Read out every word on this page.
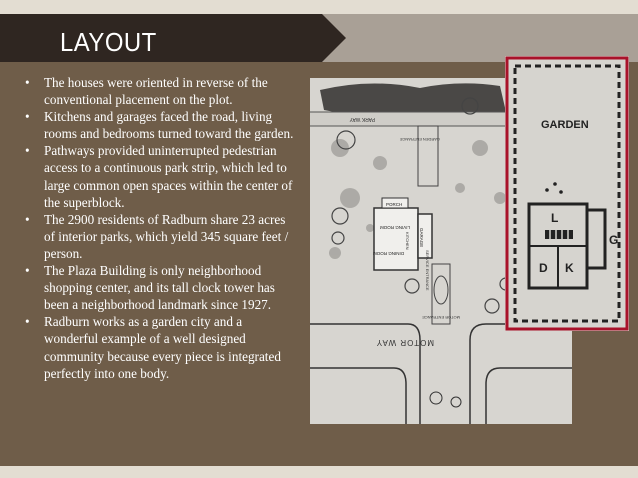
LAYOUT
• The houses were oriented in reverse of the conventional placement on the plot.
• Kitchens and garages faced the road, living rooms and bedrooms turned toward the garden.
• Pathways provided uninterrupted pedestrian access to a continuous park strip, which led to large common open spaces within the center of the superblock.
• The 2900 residents of Radburn share 23 acres of interior parks, which yield 345 square feet / person.
• The Plaza Building is only neighborhood shopping center, and its tall clock tower has been a neighborhood landmark since 1927.
• Radburn works as a garden city and a wonderful example of a well designed community because every piece is integrated perfectly into one body.
PARK WAY
GARDEN ENTRANCE
PORCH
LIVING ROOM
DINING ROOM
KITCHEN GARAGE
SERVICE ENTRANCE
MOTOR ENTRANCE
MOTOR WAY
GARDEN
L
G
D K
